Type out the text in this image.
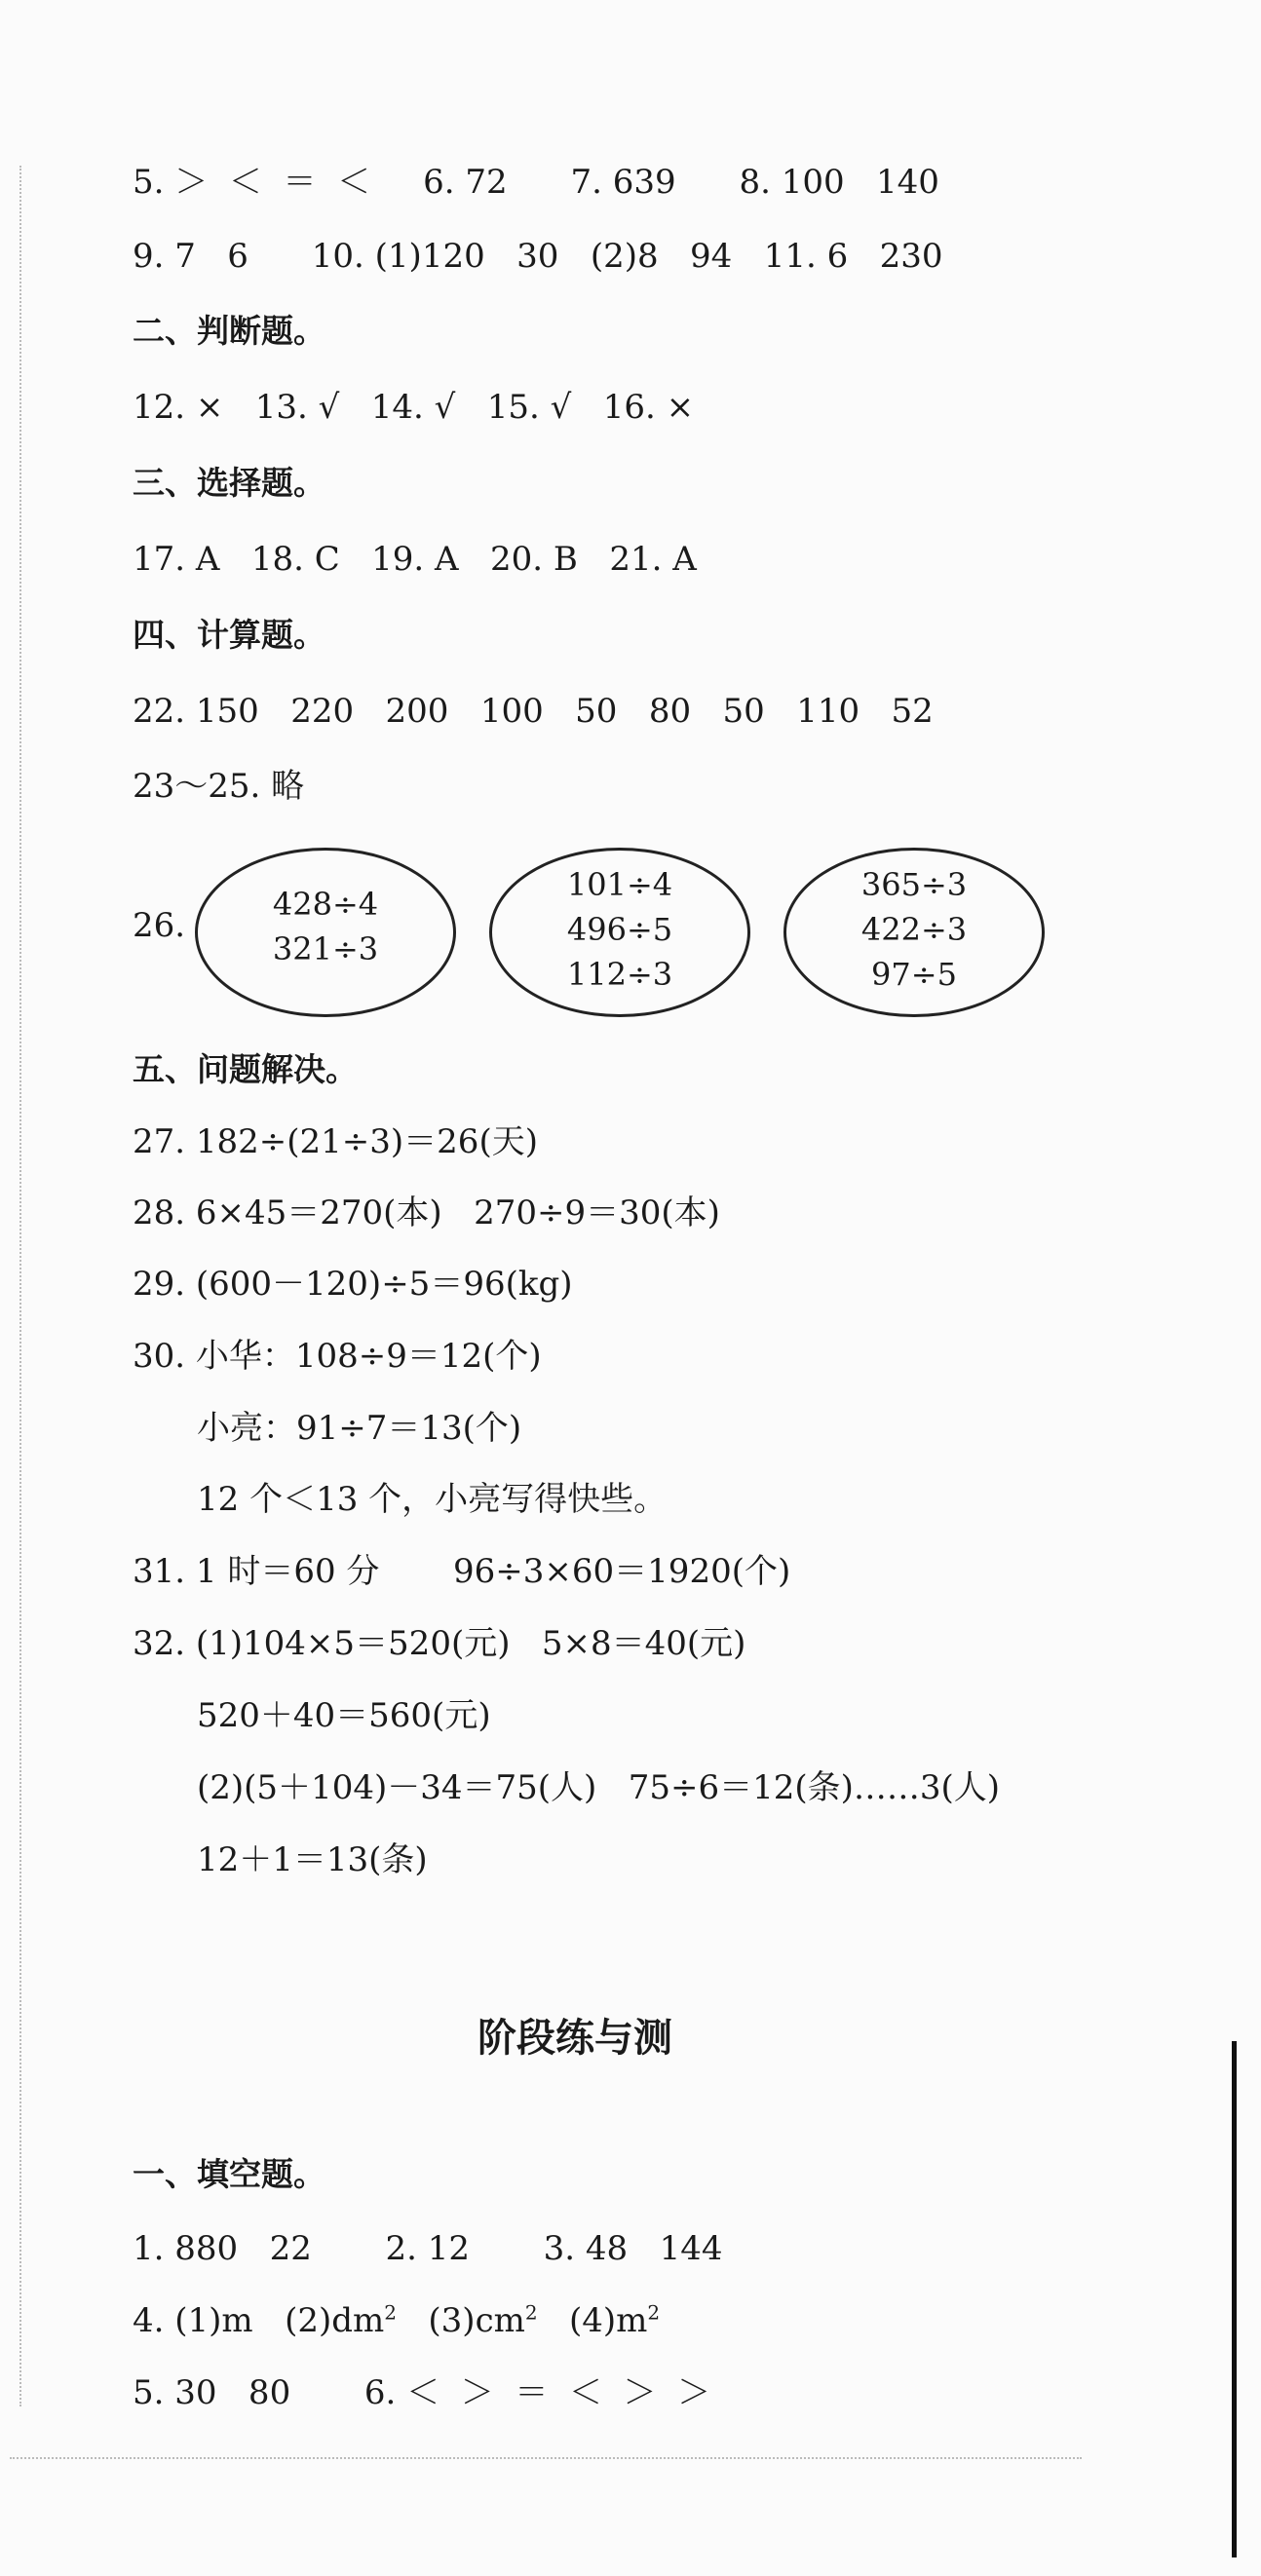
5. ＞  ＜  ＝  ＜     6. 72      7. 639      8. 100   140
9. 7   6      10. (1)120   30   (2)8   94   11. 6   230
二、判断题。
12. ×   13. √   14. √   15. √   16. ×
三、选择题。
17. A   18. C   19. A   20. B   21. A
四、计算题。
22. 150   220   200   100   50   80   50   110   52
23～25. 略
26.
428÷4
321÷3
101÷4
496÷5
112÷3
365÷3
422÷3
97÷5
五、问题解决。
27. 182÷(21÷3)＝26(天)
28. 6×45＝270(本)   270÷9＝30(本)
29. (600－120)÷5＝96(kg)
30. 小华：108÷9＝12(个)
小亮：91÷7＝13(个)
12 个＜13 个，小亮写得快些。
31. 1 时＝60 分       96÷3×60＝1920(个)
32. (1)104×5＝520(元)   5×8＝40(元)
520＋40＝560(元)
(2)(5＋104)－34＝75(人)   75÷6＝12(条)……3(人)
12＋1＝13(条)
阶段练与测
一、填空题。
1. 880   22       2. 12       3. 48   144
4. (1)m   $(2)dm^2$   $(3)cm^2$   $(4)m^2$
5. 30   80       6. ＜  ＞  ＝  ＜  ＞  ＞
